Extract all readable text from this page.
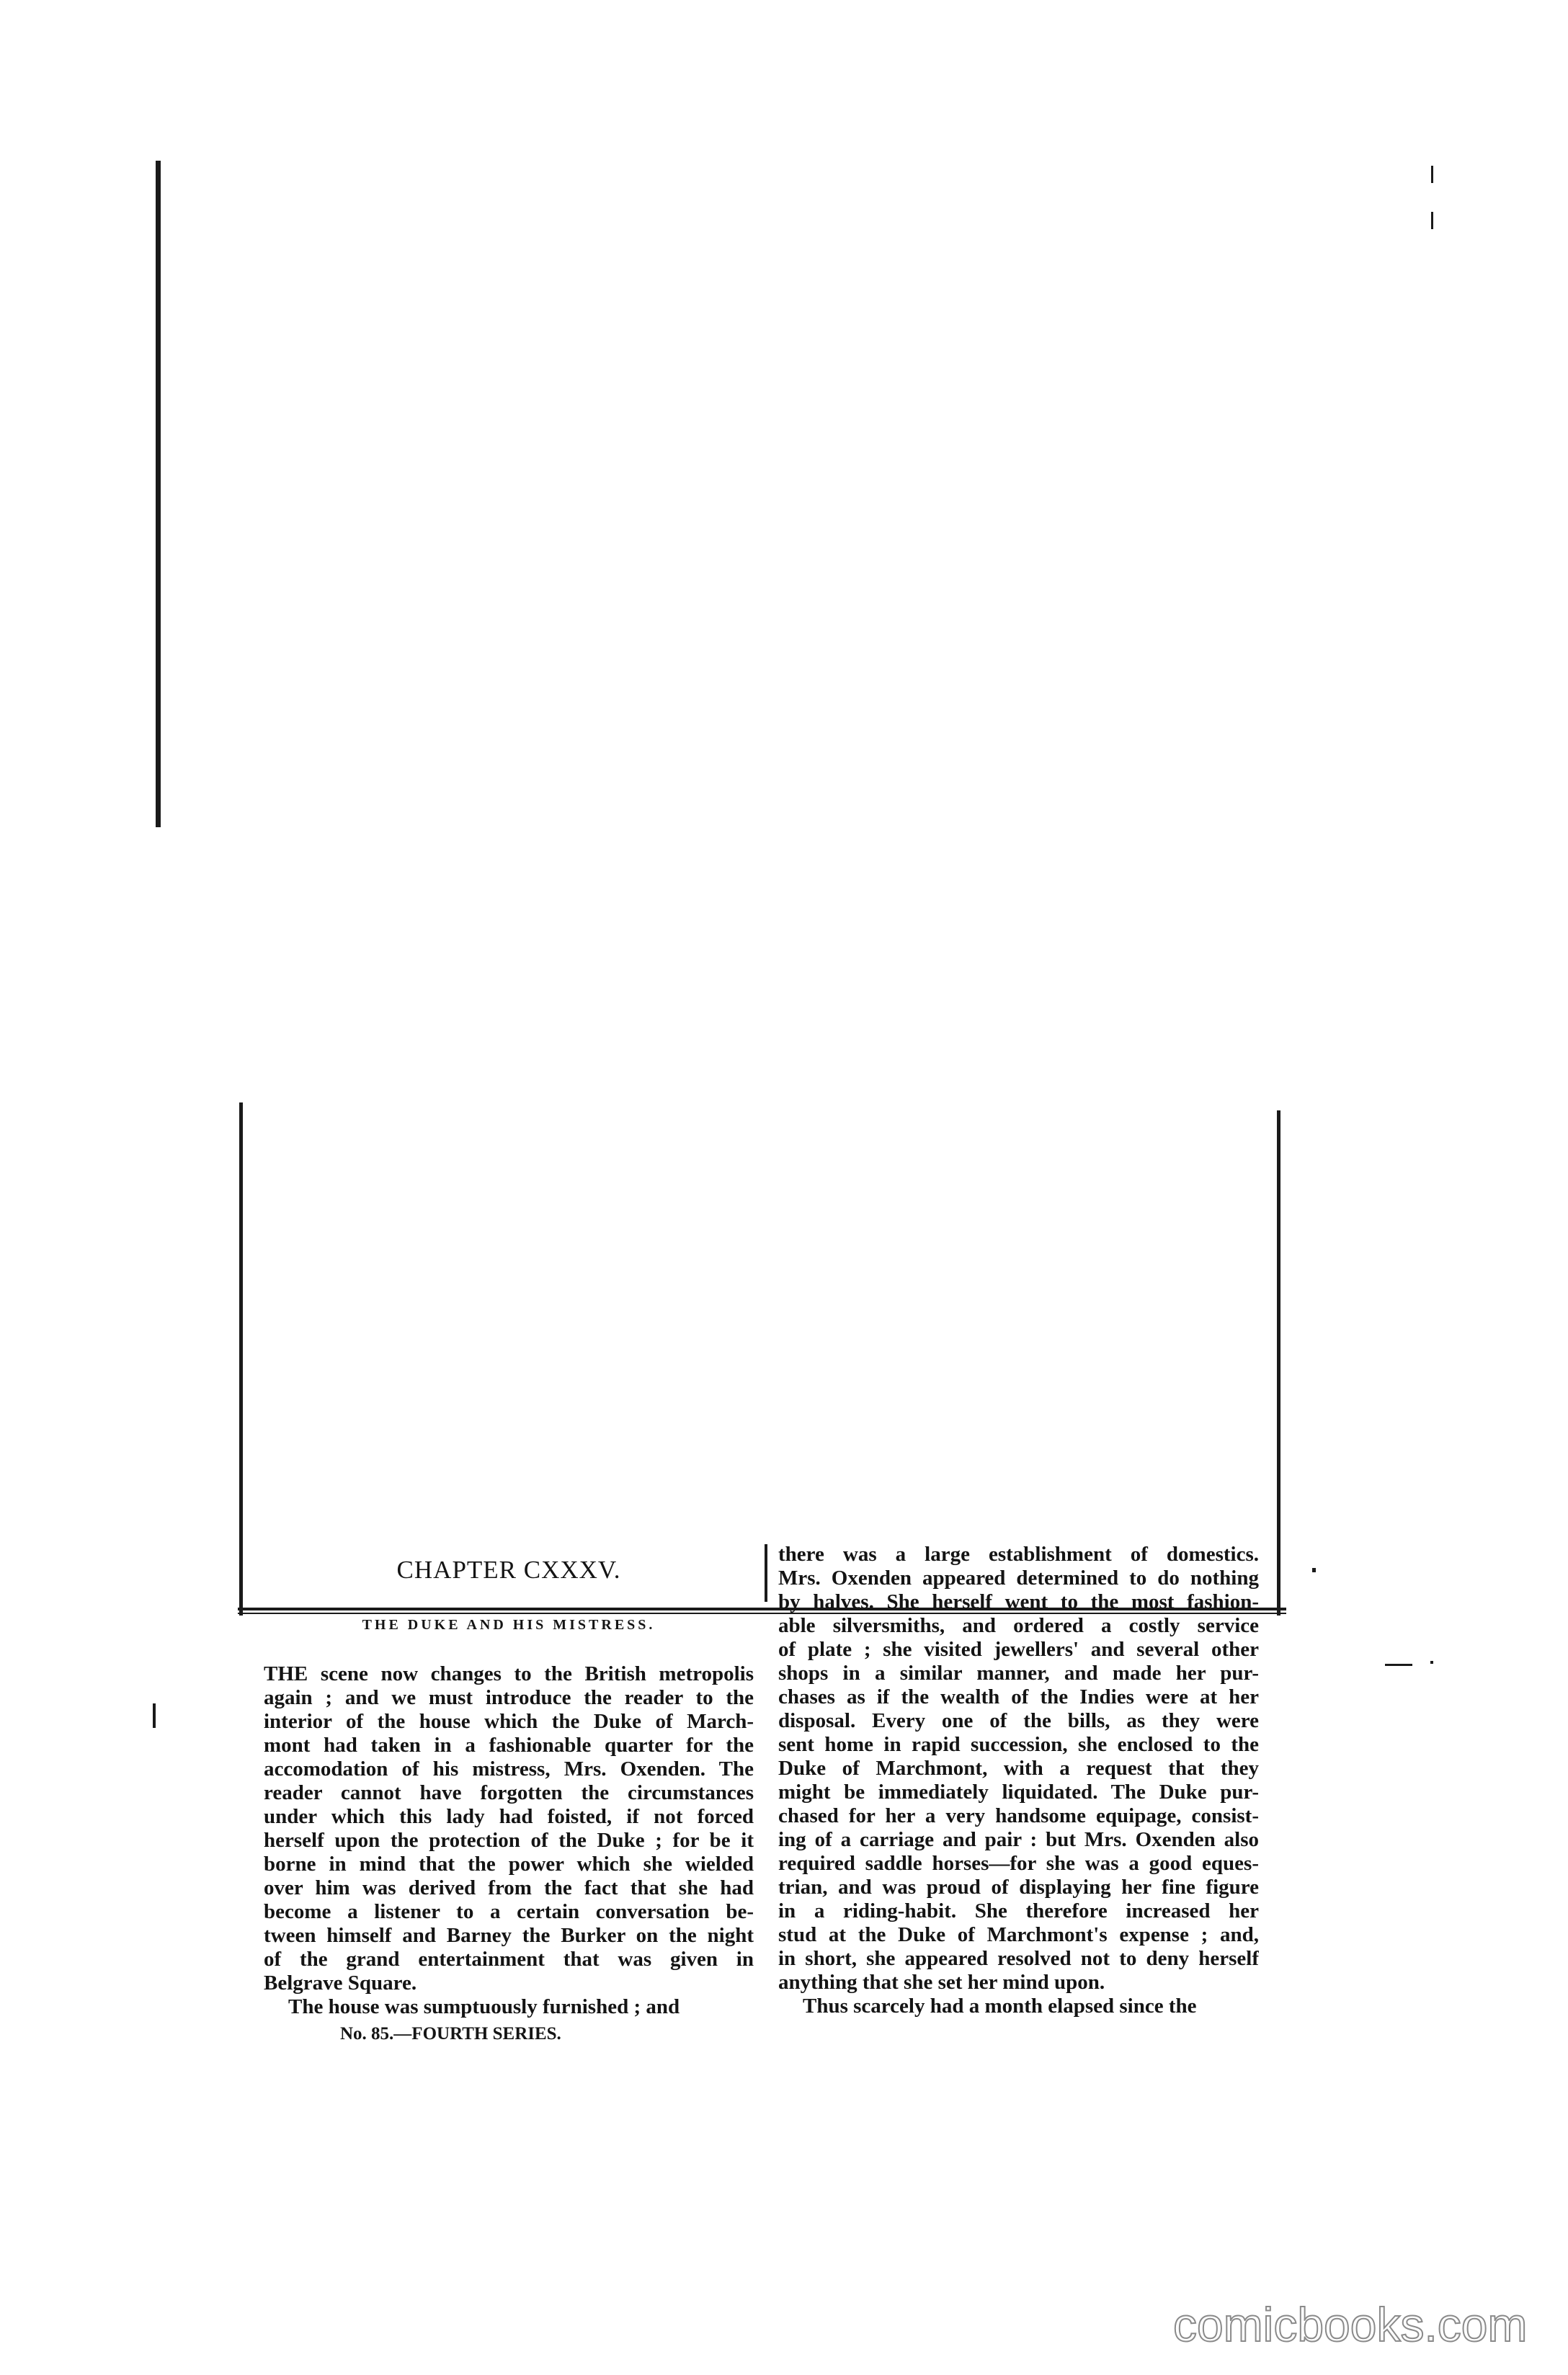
CHAPTER CXXXV.
THE DUKE AND HIS MISTRESS.
THE scene now changes to the British metropolis
again ; and we must introduce the reader to the
interior of the house which the Duke of March-
mont had taken in a fashionable quarter for the
accomodation of his mistress, Mrs. Oxenden. The
reader cannot have forgotten the circumstances
under which this lady had foisted, if not forced
herself upon the protection of the Duke ; for be it
borne in mind that the power which she wielded
over him was derived from the fact that she had
become a listener to a certain conversation be-
tween himself and Barney the Burker on the night
of the grand entertainment that was given in
Belgrave Square.
The house was sumptuously furnished ; and
No. 85.—FOURTH SERIES.
there was a large establishment of domestics.
Mrs. Oxenden appeared determined to do nothing
by halves. She herself went to the most fashion-
able silversmiths, and ordered a costly service
of plate ; she visited jewellers' and several other
shops in a similar manner, and made her pur-
chases as if the wealth of the Indies were at her
disposal. Every one of the bills, as they were
sent home in rapid succession, she enclosed to the
Duke of Marchmont, with a request that they
might be immediately liquidated. The Duke pur-
chased for her a very handsome equipage, consist-
ing of a carriage and pair : but Mrs. Oxenden also
required saddle horses—for she was a good eques-
trian, and was proud of displaying her fine figure
in a riding-habit. She therefore increased her
stud at the Duke of Marchmont's expense ; and,
in short, she appeared resolved not to deny herself
anything that she set her mind upon.
Thus scarcely had a month elapsed since the
comicbooks.com
